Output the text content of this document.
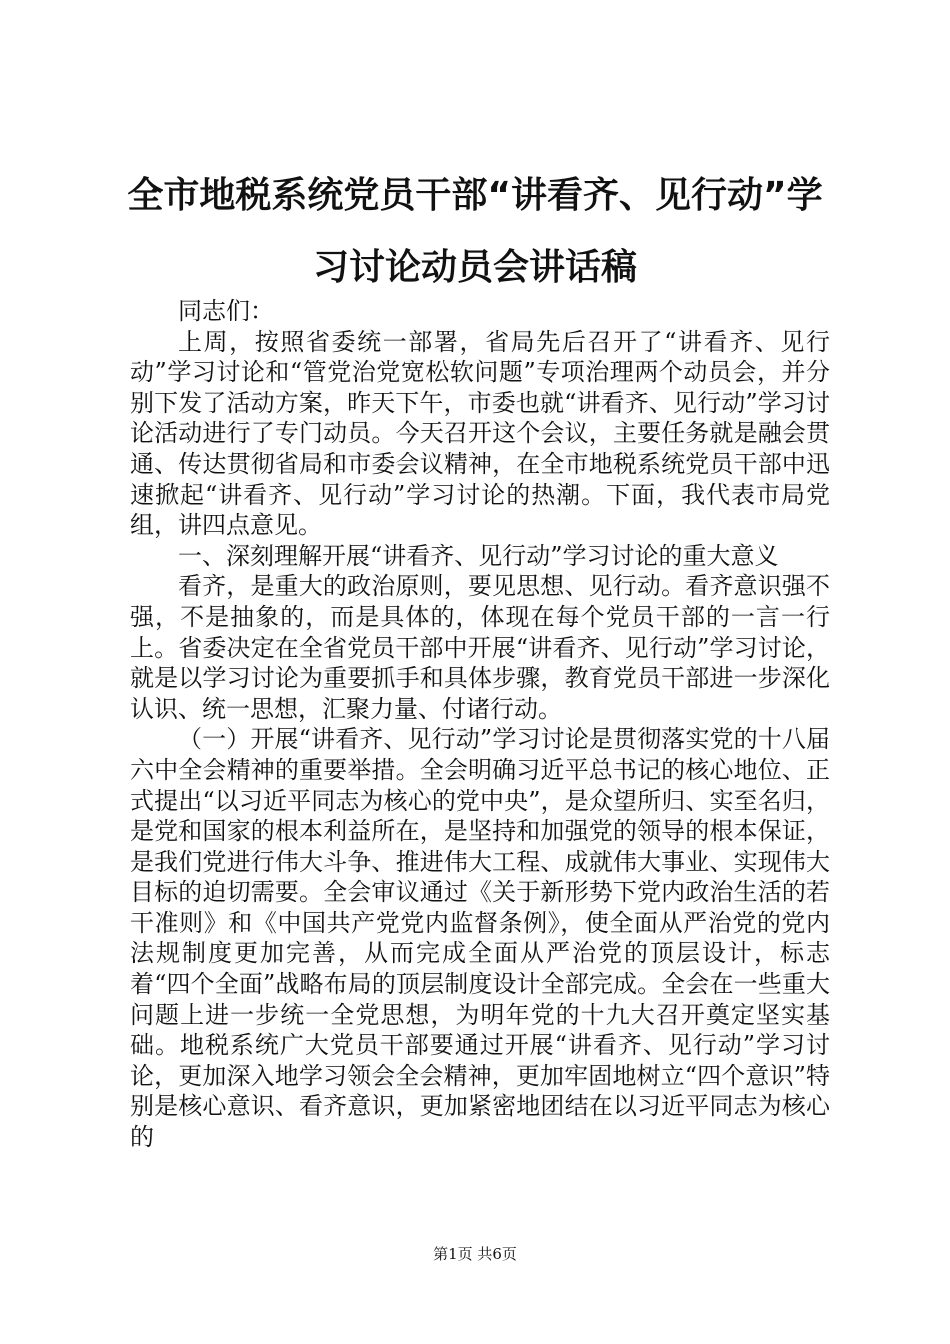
全市地税系统党员干部“讲看齐、见行动”学习讨论动员会讲话稿

同志们：

上周，按照省委统一部署，省局先后召开了“讲看齐、见行动”学习讨论和“管党治党宽松软问题”专项治理两个动员会，并分别下发了活动方案，昨天下午，市委也就“讲看齐、见行动”学习讨论活动进行了专门动员。今天召开这个会议，主要任务就是融会贯通、传达贯彻省局和市委会议精神，在全市地税系统党员干部中迅速掀起“讲看齐、见行动”学习讨论的热潮。下面，我代表市局党组，讲四点意见。

一、深刻理解开展“讲看齐、见行动”学习讨论的重大意义

看齐，是重大的政治原则，要见思想、见行动。看齐意识强不强，不是抽象的，而是具体的，体现在每个党员干部的一言一行上。省委决定在全省党员干部中开展“讲看齐、见行动”学习讨论，就是以学习讨论为重要抓手和具体步骤，教育党员干部进一步深化认识、统一思想，汇聚力量、付诸行动。

（一）开展“讲看齐、见行动”学习讨论是贯彻落实党的十八届六中全会精神的重要举措。全会明确习近平总书记的核心地位、正式提出“以习近平同志为核心的党中央”，是众望所归、实至名归，是党和国家的根本利益所在，是坚持和加强党的领导的根本保证，是我们党进行伟大斗争、推进伟大工程、成就伟大事业、实现伟大目标的迫切需要。全会审议通过《关于新形势下党内政治生活的若干准则》和《中国共产党党内监督条例》，使全面从严治党的党内法规制度更加完善，从而完成全面从严治党的顶层设计，标志着“四个全面”战略布局的顶层制度设计全部完成。全会在一些重大问题上进一步统一全党思想，为明年党的十九大召开奠定坚实基础。地税系统广大党员干部要通过开展“讲看齐、见行动”学习讨论，更加深入地学习领会全会精神，更加牢固地树立“四个意识”特别是核心意识、看齐意识，更加紧密地团结在以习近平同志为核心的

第1页 共6页
